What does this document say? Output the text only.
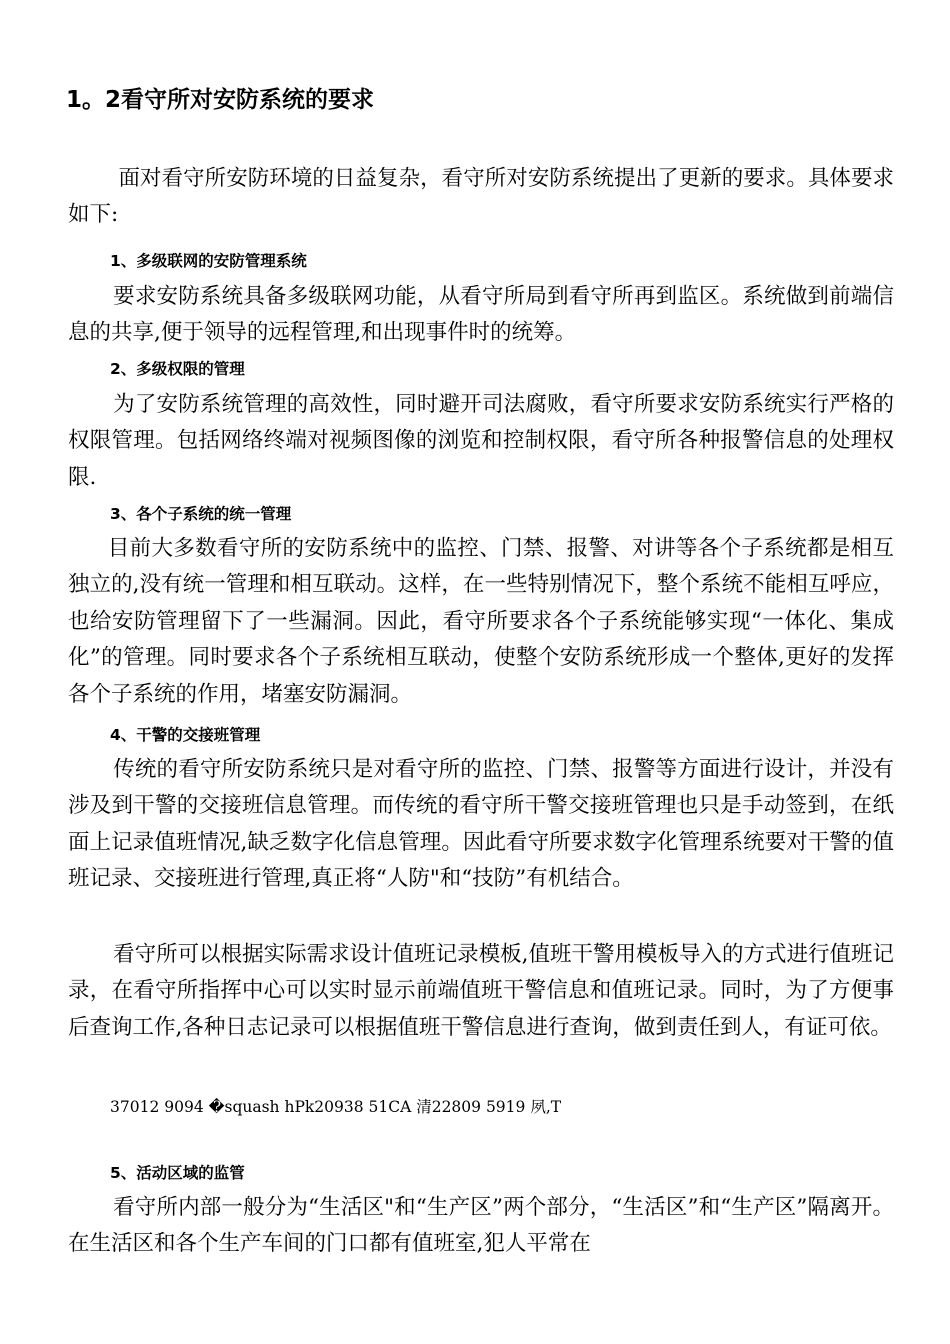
1。2看守所对安防系统的要求
面对看守所安防环境的日益复杂，看守所对安防系统提出了更新的要求。具体要求如下:
1、多级联网的安防管理系统
要求安防系统具备多级联网功能，从看守所局到看守所再到监区。系统做到前端信息的共享,便于领导的远程管理,和出现事件时的统筹。
2、多级权限的管理
为了安防系统管理的高效性，同时避开司法腐败，看守所要求安防系统实行严格的权限管理。包括网络终端对视频图像的浏览和控制权限，看守所各种报警信息的处理权限.
3、各个子系统的统一管理
目前大多数看守所的安防系统中的监控、门禁、报警、对讲等各个子系统都是相互独立的,没有统一管理和相互联动。这样，在一些特别情况下，整个系统不能相互呼应，也给安防管理留下了一些漏洞。因此，看守所要求各个子系统能够实现“一体化、集成化”的管理。同时要求各个子系统相互联动，使整个安防系统形成一个整体,更好的发挥各个子系统的作用，堵塞安防漏洞。
4、干警的交接班管理
传统的看守所安防系统只是对看守所的监控、门禁、报警等方面进行设计，并没有涉及到干警的交接班信息管理。而传统的看守所干警交接班管理也只是手动签到，在纸面上记录值班情况,缺乏数字化信息管理。因此看守所要求数字化管理系统要对干警的值班记录、交接班进行管理,真正将“人防"和“技防”有机结合。
看守所可以根据实际需求设计值班记录模板,值班干警用模板导入的方式进行值班记录，在看守所指挥中心可以实时显示前端值班干警信息和值班记录。同时，为了方便事后查询工作,各种日志记录可以根据值班干警信息进行查询，做到责任到人，有证可依。
37012 9094 �squash hPk20938 51CA 清22809 5919 夙,T
5、活动区域的监管
看守所内部一般分为“生活区"和“生产区”两个部分，“生活区”和“生产区”隔离开。在生活区和各个生产车间的门口都有值班室,犯人平常在
